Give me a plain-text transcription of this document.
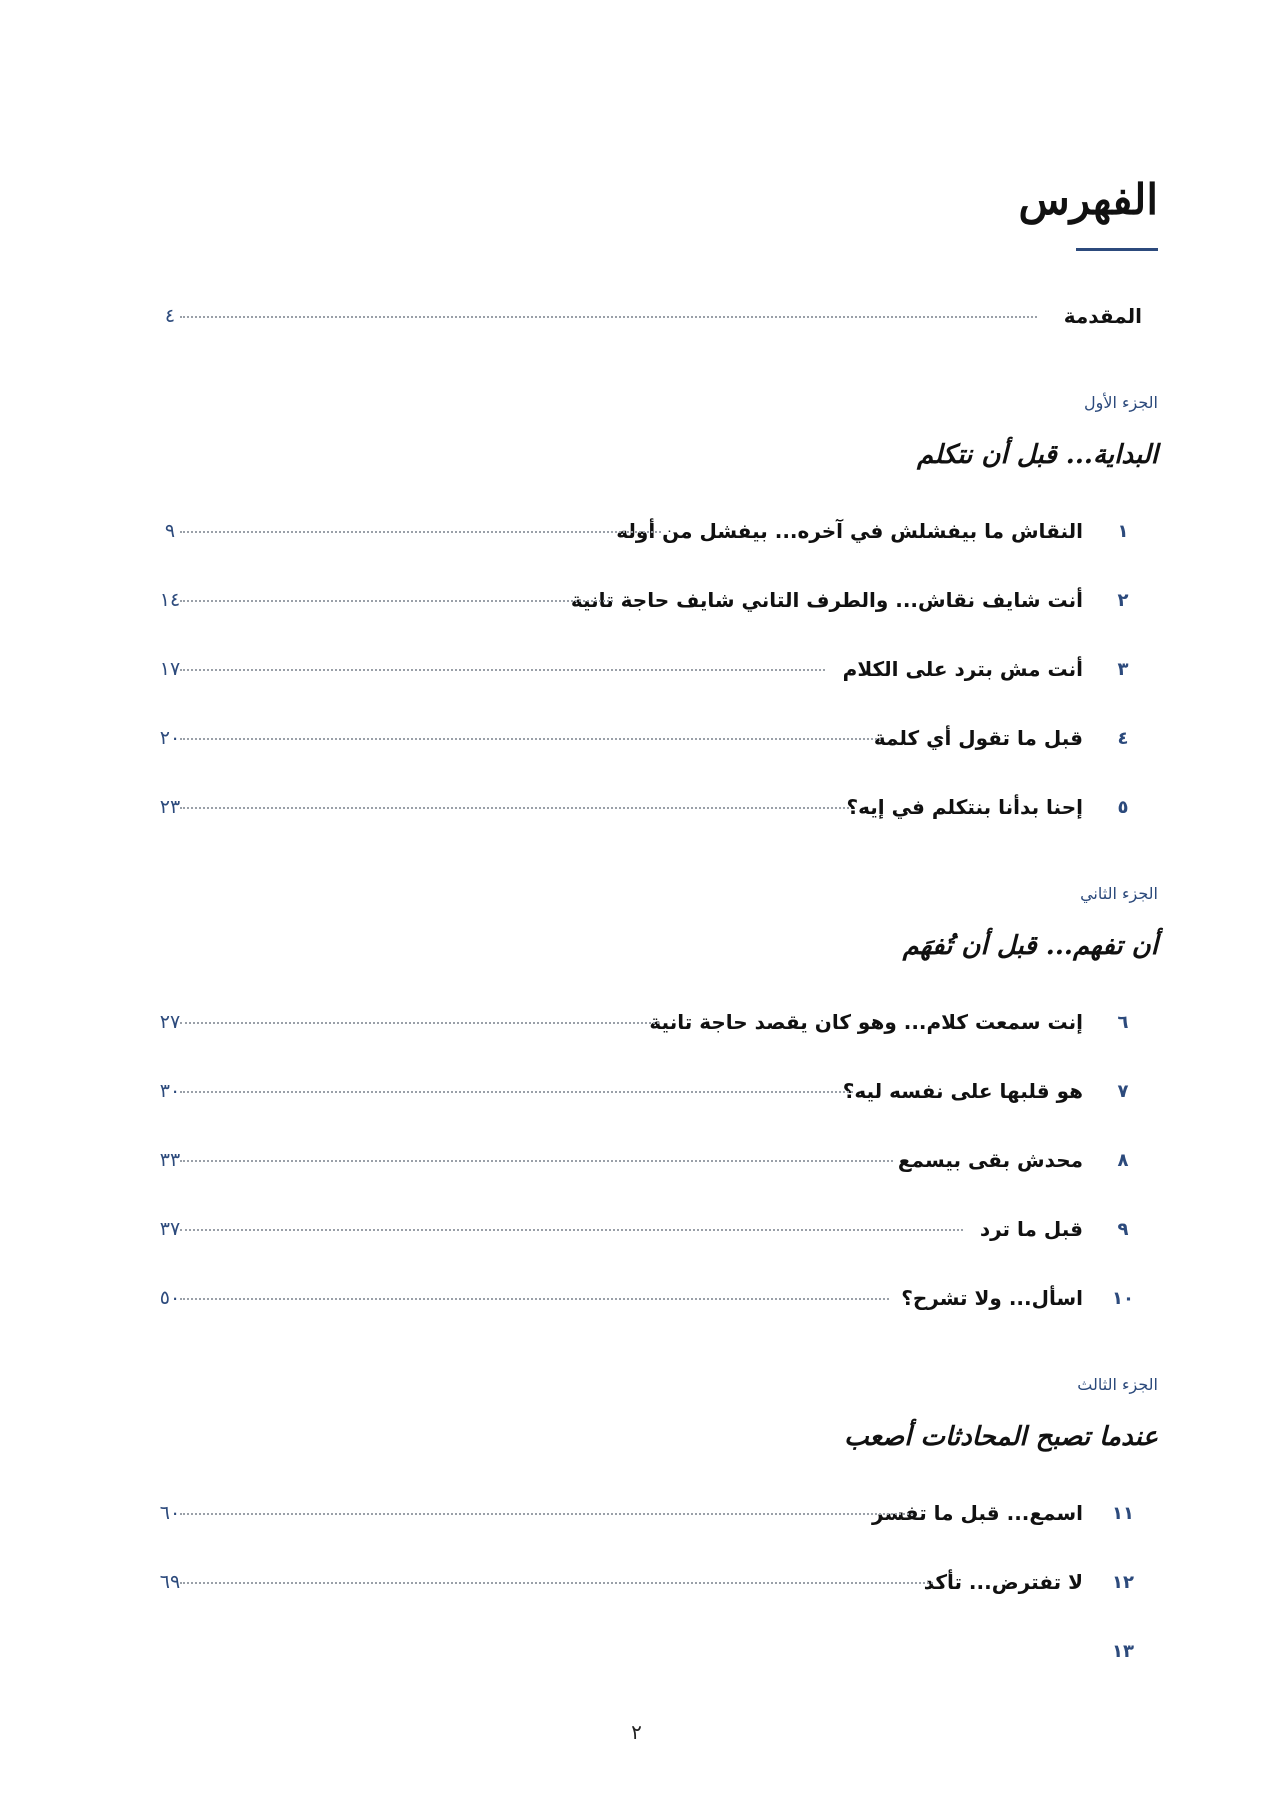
الفهرس
المقدمة
٤
الجزء الأول
البداية... قبل أن نتكلم
١
النقاش ما بيفشلش في آخره... بيفشل من أوله
٩
٢
أنت شايف نقاش... والطرف التاني شايف حاجة تانية
١٤
٣
أنت مش بترد على الكلام
١٧
٤
قبل ما تقول أي كلمة
٢٠
٥
إحنا بدأنا بنتكلم في إيه؟
٢٣
الجزء الثاني
أن تفهم... قبل أن تُفهَم
٦
إنت سمعت كلام... وهو كان يقصد حاجة تانية
٢٧
٧
هو قلبها على نفسه ليه؟
٣٠
٨
محدش بقى بيسمع
٣٣
٩
قبل ما ترد
٣٧
١٠
اسأل... ولا تشرح؟
٥٠
الجزء الثالث
عندما تصبح المحادثات أصعب
١١
اسمع... قبل ما تفسر
٦٠
١٢
لا تفترض... تأكد
٦٩
١٣
٢
